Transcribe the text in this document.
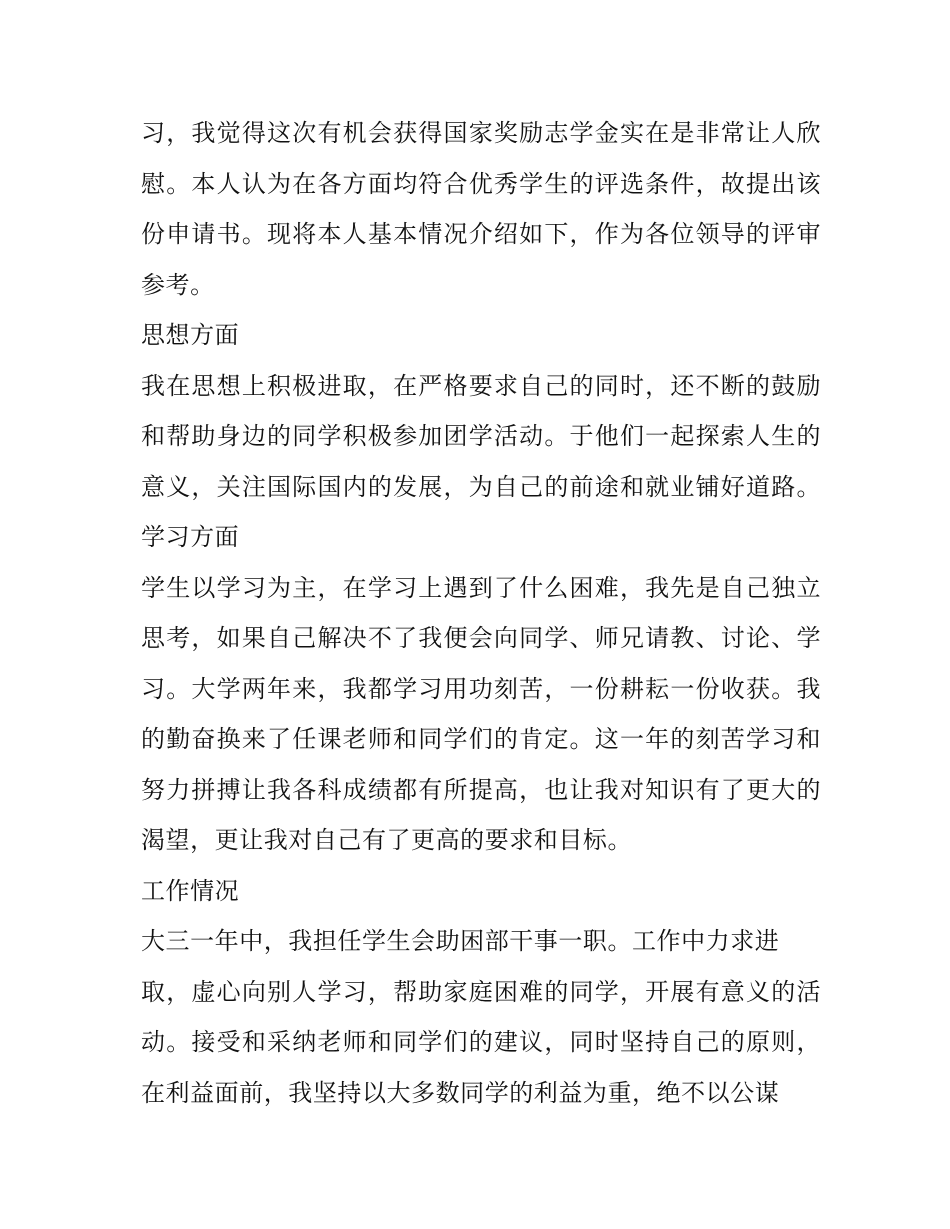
习，我觉得这次有机会获得国家奖励志学金实在是非常让人欣
慰。本人认为在各方面均符合优秀学生的评选条件，故提出该
份申请书。现将本人基本情况介绍如下，作为各位领导的评审
参考。
思想方面
我在思想上积极进取，在严格要求自己的同时，还不断的鼓励
和帮助身边的同学积极参加团学活动。于他们一起探索人生的
意义，关注国际国内的发展，为自己的前途和就业铺好道路。
学习方面
学生以学习为主，在学习上遇到了什么困难，我先是自己独立
思考，如果自己解决不了我便会向同学、师兄请教、讨论、学
习。大学两年来，我都学习用功刻苦，一份耕耘一份收获。我
的勤奋换来了任课老师和同学们的肯定。这一年的刻苦学习和
努力拼搏让我各科成绩都有所提高，也让我对知识有了更大的
渴望，更让我对自己有了更高的要求和目标。
工作情况
大三一年中，我担任学生会助困部干事一职。工作中力求进
取，虚心向别人学习，帮助家庭困难的同学，开展有意义的活
动。接受和采纳老师和同学们的建议，同时坚持自己的原则，
在利益面前，我坚持以大多数同学的利益为重，绝不以公谋
